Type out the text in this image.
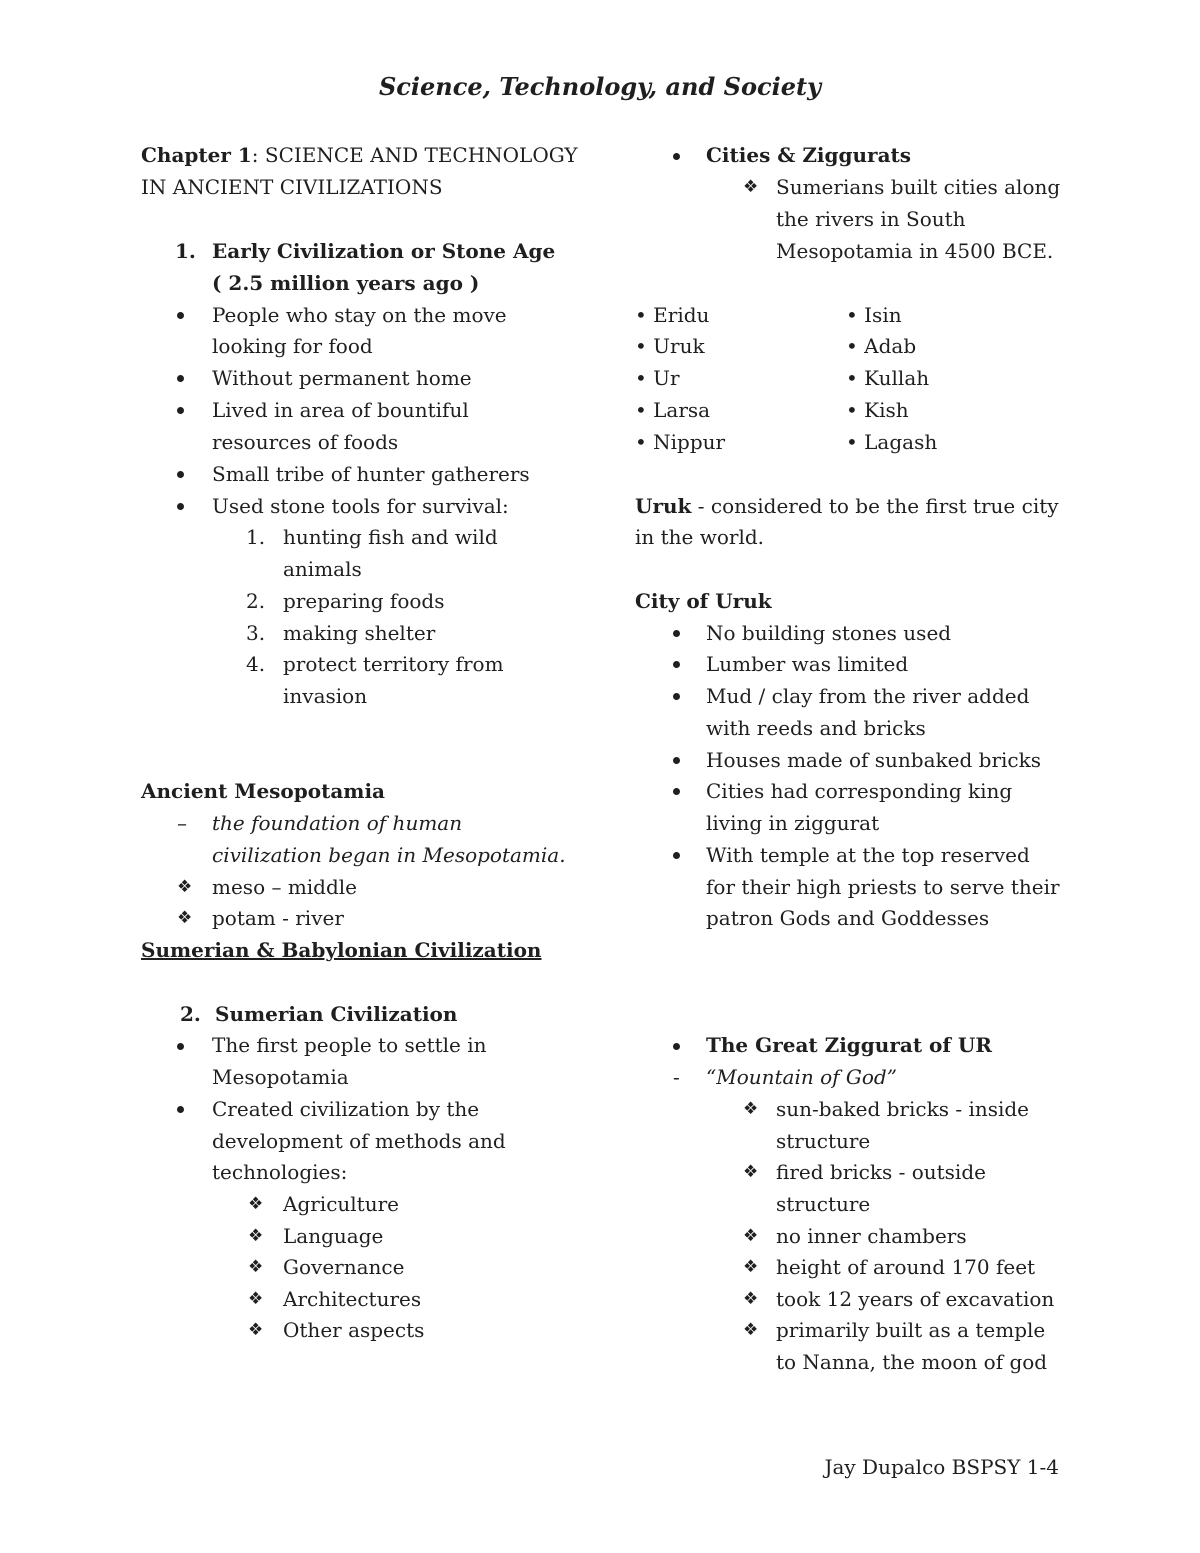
Science, Technology, and Society
Chapter 1: SCIENCE AND TECHNOLOGY
IN ANCIENT CIVILIZATIONS
1. Early Civilization or Stone Age
( 2.5 million years ago )
People who stay on the move
looking for food
Without permanent home
Lived in area of bountiful
resources of foods
Small tribe of hunter gatherers
Used stone tools for survival:
1. hunting fish and wild
animals
2. preparing foods
3. making shelter
4. protect territory from
invasion
Ancient Mesopotamia
– the foundation of human
civilization began in Mesopotamia.
❖ meso – middle
❖ potam - river
Sumerian & Babylonian Civilization
2. Sumerian Civilization
The first people to settle in
Mesopotamia
Created civilization by the
development of methods and
technologies:
❖ Agriculture
❖ Language
❖ Governance
❖ Architectures
❖ Other aspects
Cities & Ziggurats
❖ Sumerians built cities along
the rivers in South
Mesopotamia in 4500 BCE.
• Eridu
• Uruk
• Ur
• Larsa
• Nippur
• Isin
• Adab
• Kullah
• Kish
• Lagash
Uruk - considered to be the first true city
in the world.
City of Uruk
No building stones used
Lumber was limited
Mud / clay from the river added
with reeds and bricks
Houses made of sunbaked bricks
Cities had corresponding king
living in ziggurat
With temple at the top reserved
for their high priests to serve their
patron Gods and Goddesses
The Great Ziggurat of UR
- “Mountain of God”
❖ sun-baked bricks - inside
structure
❖ fired bricks - outside
structure
❖ no inner chambers
❖ height of around 170 feet
❖ took 12 years of excavation
❖ primarily built as a temple
to Nanna, the moon of god
Jay Dupalco BSPSY 1-4
